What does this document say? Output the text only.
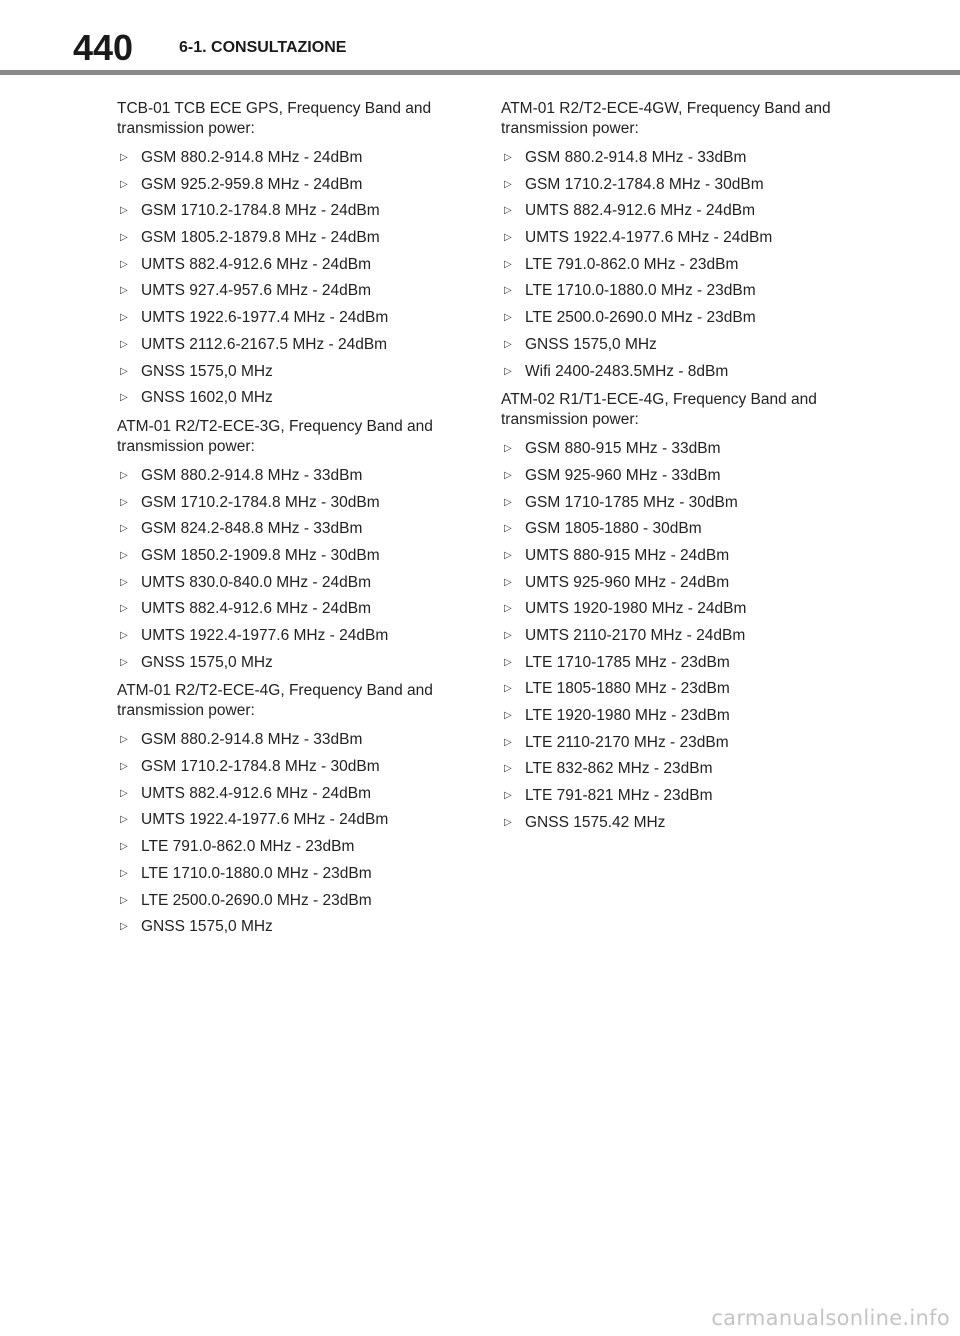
440	6-1. CONSULTAZIONE

TCB-01 TCB ECE GPS, Frequency Band and transmission power:

▷ GSM 880.2-914.8 MHz - 24dBm
▷ GSM 925.2-959.8 MHz - 24dBm
▷ GSM 1710.2-1784.8 MHz - 24dBm
▷ GSM 1805.2-1879.8 MHz - 24dBm
▷ UMTS 882.4-912.6 MHz - 24dBm
▷ UMTS 927.4-957.6 MHz - 24dBm
▷ UMTS 1922.6-1977.4 MHz - 24dBm
▷ UMTS 2112.6-2167.5 MHz - 24dBm
▷ GNSS 1575,0 MHz
▷ GNSS 1602,0 MHz

ATM-01 R2/T2-ECE-3G, Frequency Band and transmission power:

▷ GSM 880.2-914.8 MHz - 33dBm
▷ GSM 1710.2-1784.8 MHz - 30dBm
▷ GSM 824.2-848.8 MHz - 33dBm
▷ GSM 1850.2-1909.8 MHz - 30dBm
▷ UMTS 830.0-840.0 MHz - 24dBm
▷ UMTS 882.4-912.6 MHz - 24dBm
▷ UMTS 1922.4-1977.6 MHz - 24dBm
▷ GNSS 1575,0 MHz

ATM-01 R2/T2-ECE-4G, Frequency Band and transmission power:

▷ GSM 880.2-914.8 MHz - 33dBm
▷ GSM 1710.2-1784.8 MHz - 30dBm
▷ UMTS 882.4-912.6 MHz - 24dBm
▷ UMTS 1922.4-1977.6 MHz - 24dBm
▷ LTE 791.0-862.0 MHz - 23dBm
▷ LTE 1710.0-1880.0 MHz - 23dBm
▷ LTE 2500.0-2690.0 MHz - 23dBm
▷ GNSS 1575,0 MHz

ATM-01 R2/T2-ECE-4GW, Frequency Band and transmission power:

▷ GSM 880.2-914.8 MHz - 33dBm
▷ GSM 1710.2-1784.8 MHz - 30dBm
▷ UMTS 882.4-912.6 MHz - 24dBm
▷ UMTS 1922.4-1977.6 MHz - 24dBm
▷ LTE 791.0-862.0 MHz - 23dBm
▷ LTE 1710.0-1880.0 MHz - 23dBm
▷ LTE 2500.0-2690.0 MHz - 23dBm
▷ GNSS 1575,0 MHz
▷ Wifi 2400-2483.5MHz - 8dBm

ATM-02 R1/T1-ECE-4G, Frequency Band and transmission power:

▷ GSM 880-915 MHz - 33dBm
▷ GSM 925-960 MHz - 33dBm
▷ GSM 1710-1785 MHz - 30dBm
▷ GSM 1805-1880 - 30dBm
▷ UMTS 880-915 MHz - 24dBm
▷ UMTS 925-960 MHz - 24dBm
▷ UMTS 1920-1980 MHz - 24dBm
▷ UMTS 2110-2170 MHz - 24dBm
▷ LTE 1710-1785 MHz - 23dBm
▷ LTE 1805-1880 MHz - 23dBm
▷ LTE 1920-1980 MHz - 23dBm
▷ LTE 2110-2170 MHz - 23dBm
▷ LTE 832-862 MHz - 23dBm
▷ LTE 791-821 MHz - 23dBm
▷ GNSS 1575.42 MHz
carmanualsonline.info
